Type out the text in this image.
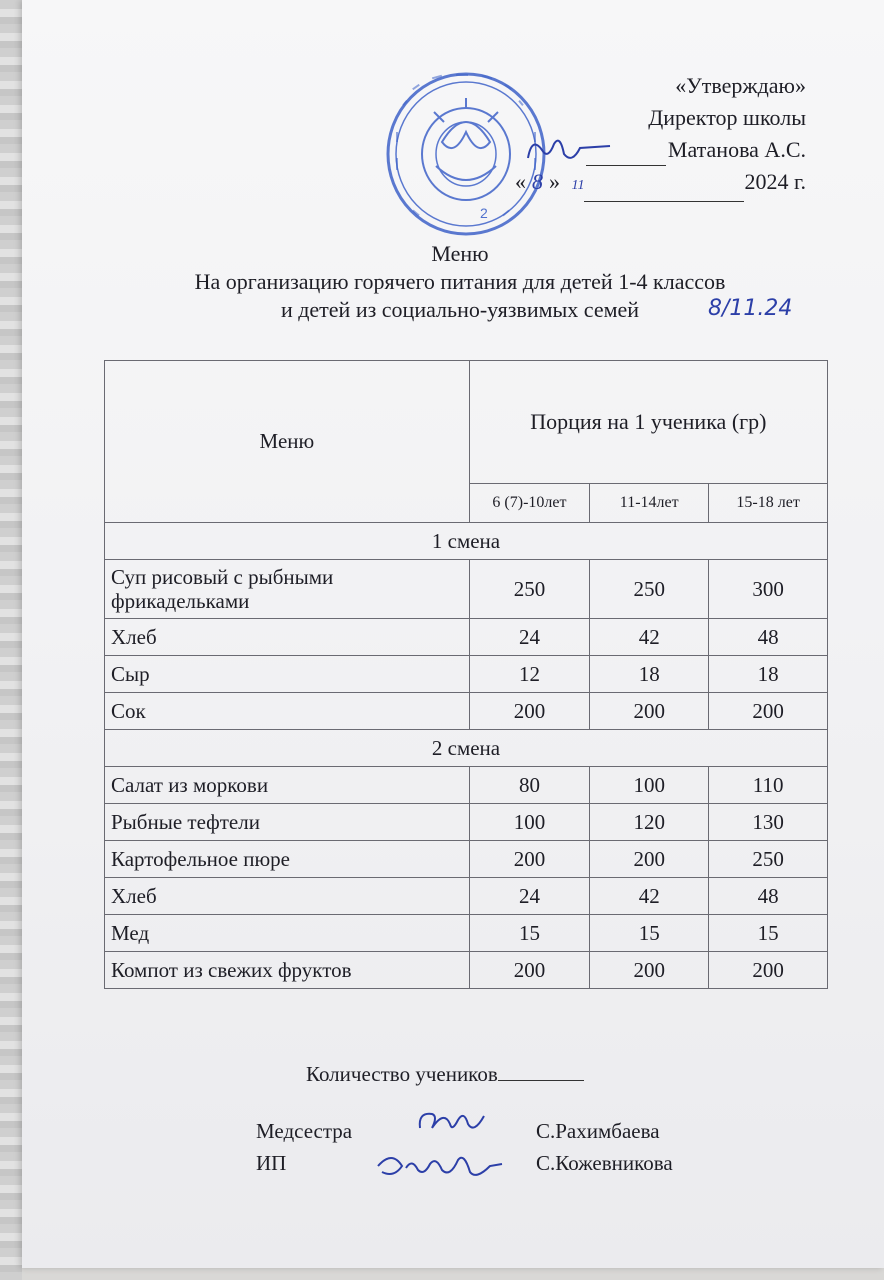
2
«Утверждаю»
Директор школы
Матанова А.С.
« 8 » 11	2024 г.
Меню
На организацию горячего питания для детей 1-4 классов
и детей из социально-уязвимых семей	8/11.24
Меню	Порция на 1 ученика (гр)		
	6 (7)-10лет	11-14лет	15-18 лет
1 смена			
Суп рисовый с рыбными фрикадельками	250	250	300
Хлеб	24	42	48
Сыр	12	18	18
Сок	200	200	200
2 смена			
Салат из моркови	80	100	110
Рыбные тефтели	100	120	130
Картофельное пюре	200	200	250
Хлеб	24	42	48
Мед	15	15	15
Компот из свежих фруктов	200	200	200
Количество учеников
Медсестра	С.Рахимбаева
ИП	С.Кожевникова
